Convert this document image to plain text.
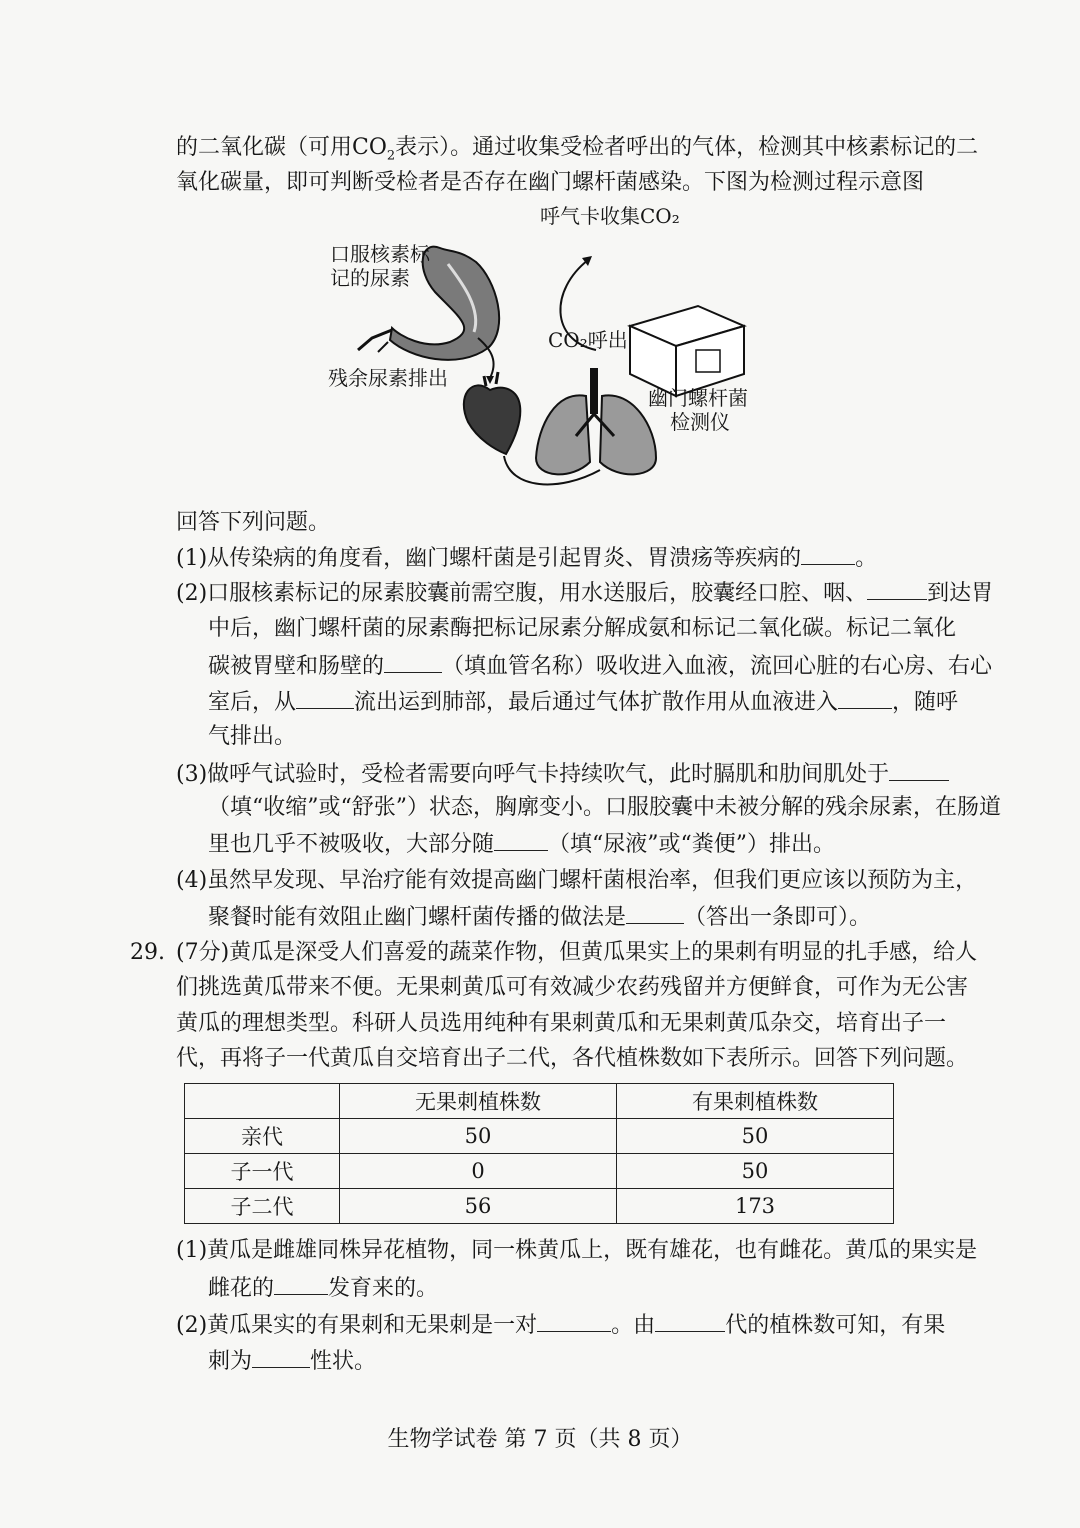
的二氧化碳（可用$CO_2$表示）。通过收集受检者呼出的气体，检测其中核素标记的二
氧化碳量，即可判断受检者是否存在幽门螺杆菌感染。下图为检测过程示意图
呼气卡收集CO₂
口服核素标
记的尿素
残余尿素排出
CO₂呼出
幽门螺杆菌
检测仪
回答下列问题。
(1)从传染病的角度看，幽门螺杆菌是引起胃炎、胃溃疡等疾病的 。
(2)口服核素标记的尿素胶囊前需空腹，用水送服后，胶囊经口腔、咽、	到达胃
中后，幽门螺杆菌的尿素酶把标记尿素分解成氨和标记二氧化碳。标记二氧化
碳被胃壁和肠壁的	（填血管名称）吸收进入血液，流回心脏的右心房、右心
室后，从	流出运到肺部，最后通过气体扩散作用从血液进入 ，随呼
气排出。
(3)做呼气试验时，受检者需要向呼气卡持续吹气，此时膈肌和肋间肌处于
（填“收缩”或“舒张”）状态，胸廓变小。口服胶囊中未被分解的残余尿素，在肠道
里也几乎不被吸收，大部分随 （填“尿液”或“粪便”）排出。
(4)虽然早发现、早治疗能有效提高幽门螺杆菌根治率，但我们更应该以预防为主，
聚餐时能有效阻止幽门螺杆菌传播的做法是	（答出一条即可）。
29. (7分)黄瓜是深受人们喜爱的蔬菜作物，但黄瓜果实上的果刺有明显的扎手感，给人
们挑选黄瓜带来不便。无果刺黄瓜可有效减少农药残留并方便鲜食，可作为无公害
黄瓜的理想类型。科研人员选用纯种有果刺黄瓜和无果刺黄瓜杂交，培育出子一
代，再将子一代黄瓜自交培育出子二代，各代植株数如下表所示。回答下列问题。
	无果刺植株数	有果刺植株数
亲代	50	50
子一代	0	50
子二代	56	173
(1)黄瓜是雌雄同株异花植物，同一株黄瓜上，既有雄花，也有雌花。黄瓜的果实是
雌花的 发育来的。
(2)黄瓜果实的有果刺和无果刺是一对	。由	代的植株数可知，有果
刺为	性状。
生物学试卷 第 7 页（共 8 页）
